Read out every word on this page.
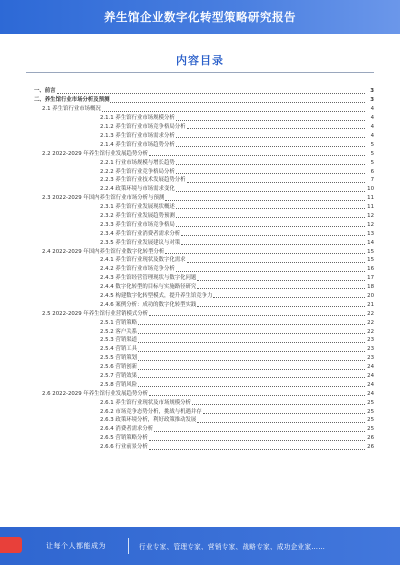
养生馆企业数字化转型策略研究报告
内容目录
一、前言	3
二、养生馆行业市场分析及预测	3
2.1 养生馆行业市场概况	4
2.1.1 养生馆行业市场规模分析	4
2.1.2 养生馆行业市场竞争格局分析	4
2.1.3 养生馆行业市场需求分析	4
2.1.4 养生馆行业市场趋势分析	5
2.2 2022-2029 年养生馆行业发展趋势分析	5
2.2.1 行业市场规模与增长趋势	5
2.2.2 养生馆行业竞争格局分析	6
2.2.3 养生馆行业技术发展趋势分析	7
2.2.4 政策环境与市场需求变化	10
2.3 2022-2029 年国内养生馆行业市场分析与预测	11
2.3.1 养生馆行业发展现状概述	11
2.3.2 养生馆行业发展趋势预测	12
2.3.3 养生馆行业市场竞争格局	12
2.3.4 养生馆行业消费者需求分析	13
2.3.5 养生馆行业发展建议与对策	14
2.4 2022-2029 年国内养生馆行业数字化转型分析	15
2.4.1 养生馆行业现状及数字化需求	15
2.4.2 养生馆行业市场竞争分析	16
2.4.3 养生馆经营管理现状与数字化问题	17
2.4.4 数字化转型的目标与实施路径研究	18
2.4.5 构建数字化转型模式，提升养生馆竞争力	20
2.4.6 案例分析：成功的数字化转型实践	21
2.5 2022-2029 年养生馆行业营销模式分析	22
2.5.1 营销策略	22
2.5.2 客户关系	22
2.5.3 营销渠道	23
2.5.4 营销工具	23
2.5.5 营销策划	23
2.5.6 营销创新	24
2.5.7 营销效果	24
2.5.8 营销风险	24
2.6 2022-2029 年养生馆行业发展趋势分析	24
2.6.1 养生馆行业现状及市场规模分析	25
2.6.2 市场竞争态势分析，挑战与机遇并存	25
2.6.3 政策环境分析，利好政策推动发展	25
2.6.4 消费者需求分析	25
2.6.5 营销策略分析	26
2.6.6 行业前景分析	26
让每个人都能成为	行业专家、管理专家、营销专家、战略专家、成功企业家……
